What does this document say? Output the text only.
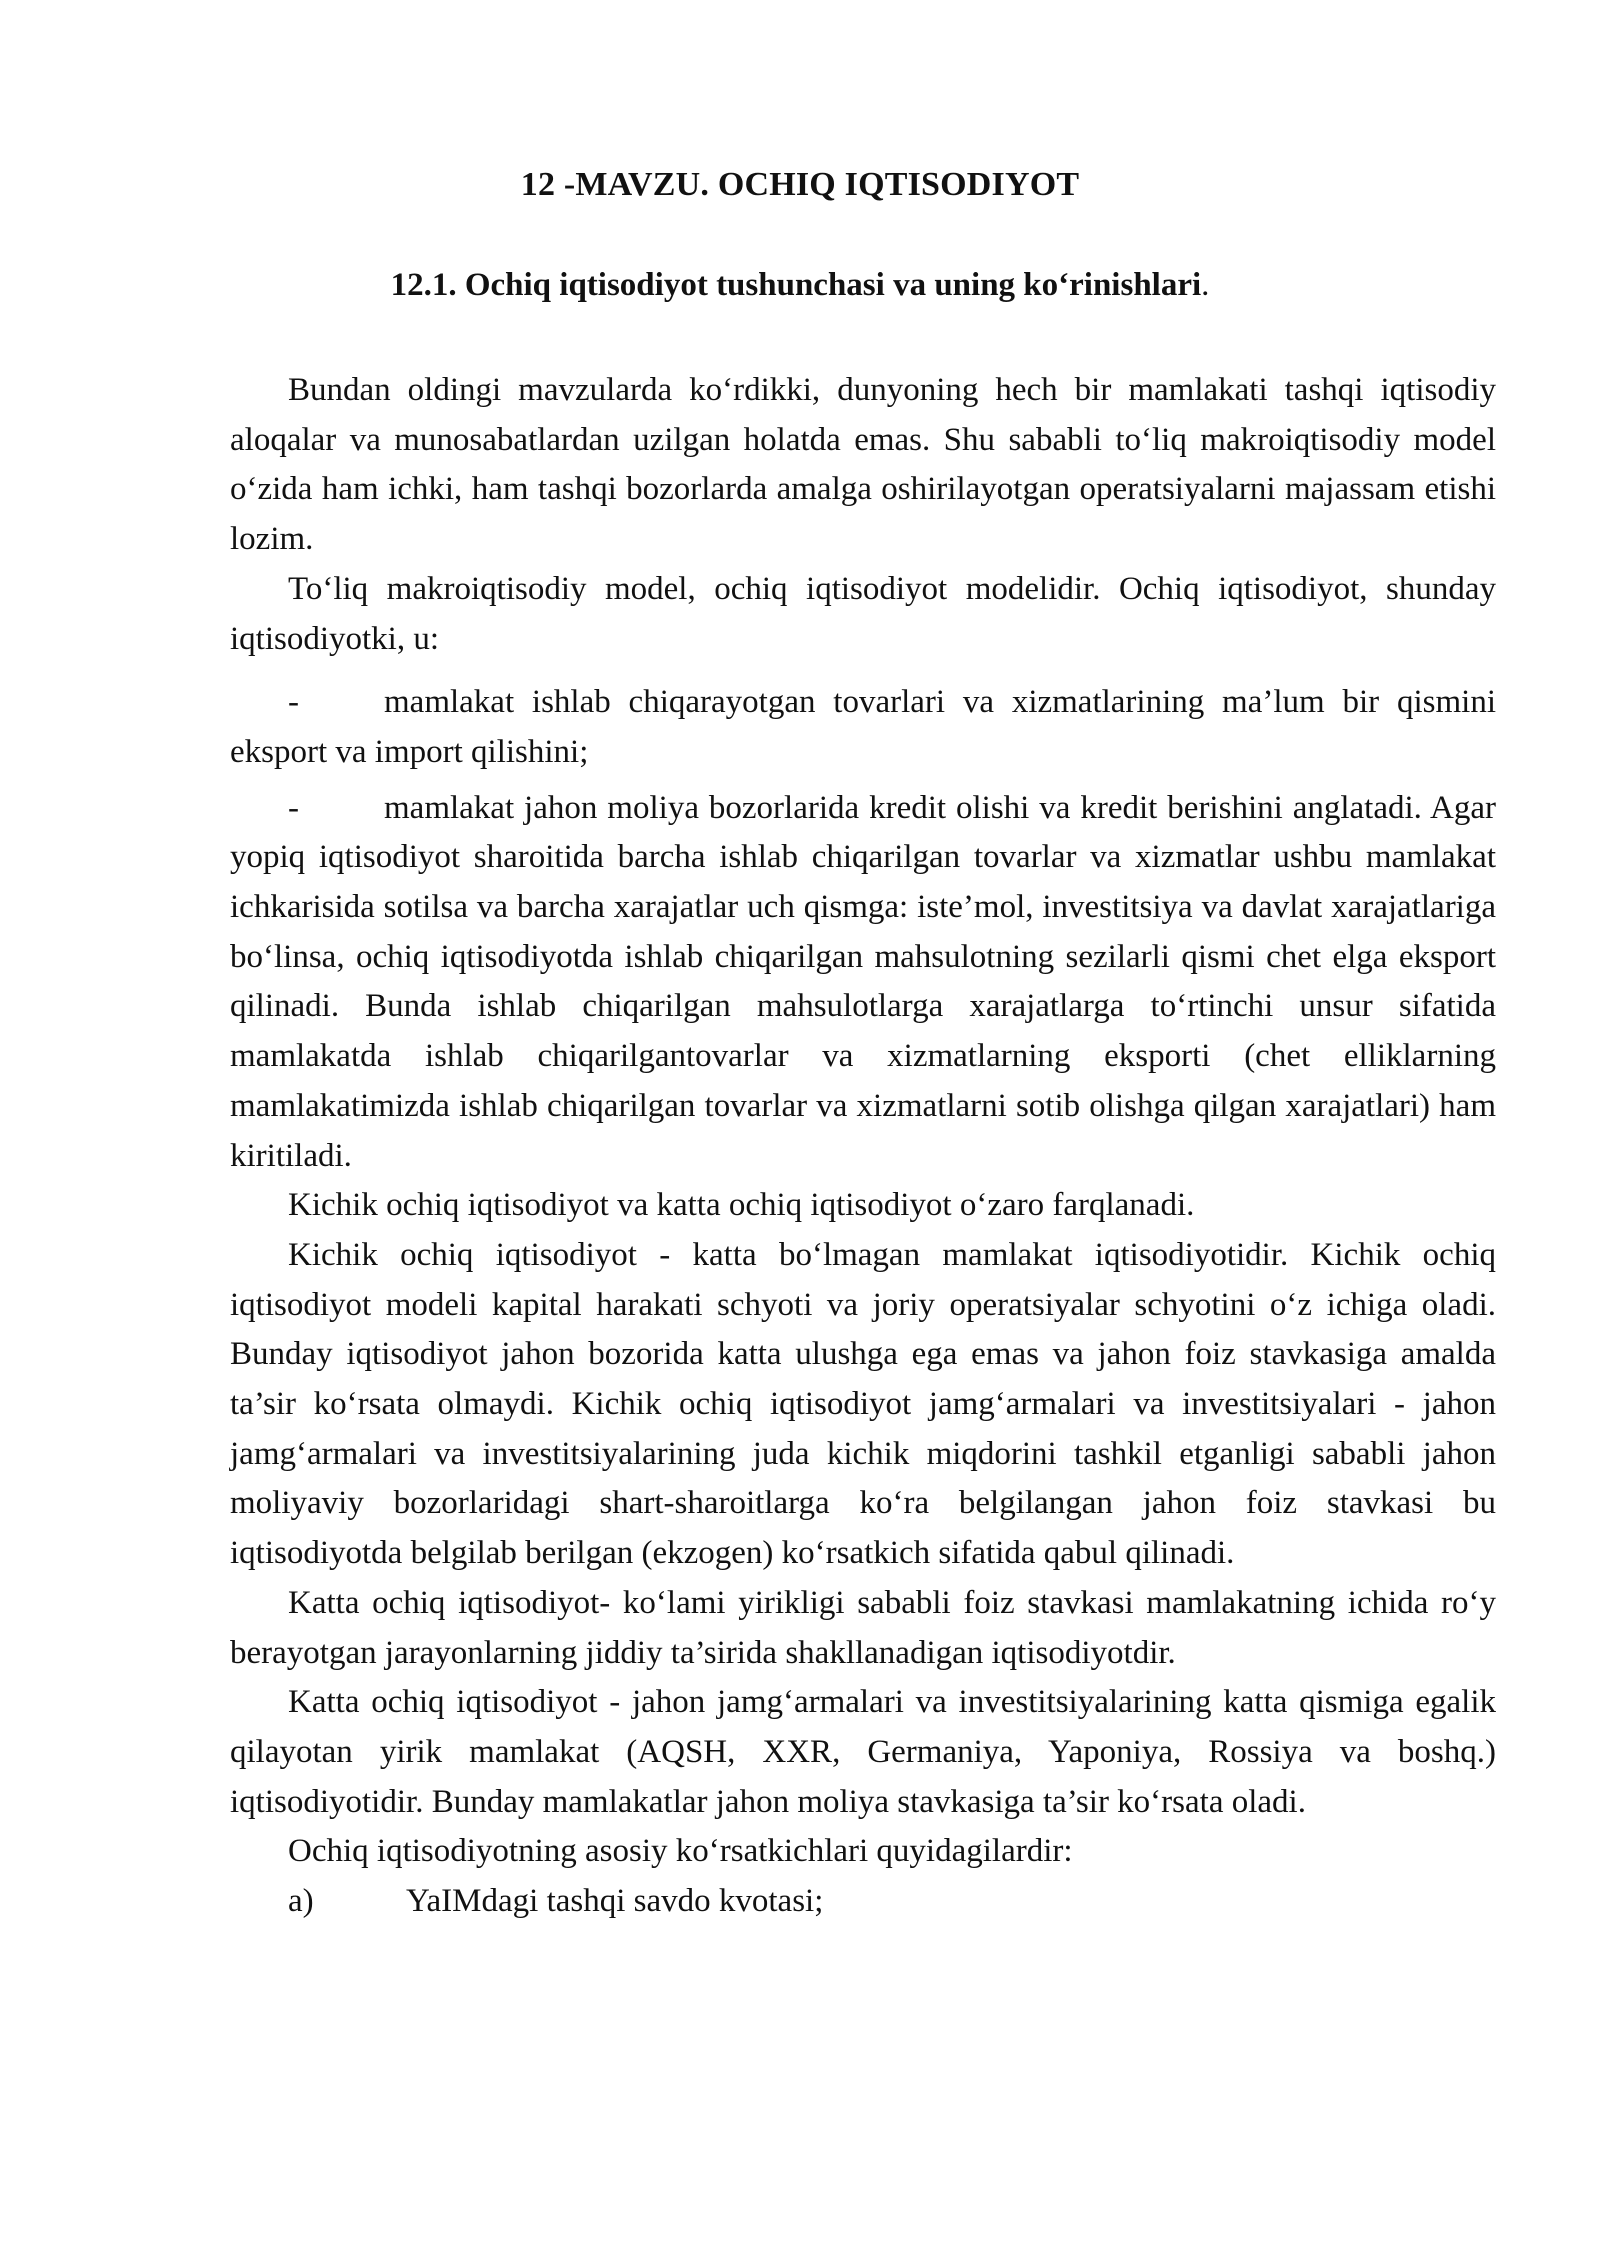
12 -MAVZU. OCHIQ IQTISODIYOT
12.1. Ochiq iqtisodiyot tushunchasi va uning ko‘rinishlari.

Bundan oldingi mavzularda ko‘rdikki, dunyoning hech bir mamlakati tashqi iqtisodiy aloqalar va munosabatlardan uzilgan holatda emas. Shu sababli to‘liq makroiqtisodiy model o‘zida ham ichki, ham tashqi bozorlarda amalga oshirilayotgan operatsiyalarni majassam etishi lozim.

To‘liq makroiqtisodiy model, ochiq iqtisodiyot modelidir. Ochiq iqtisodiyot, shunday iqtisodiyotki, u:

-	mamlakat ishlab chiqarayotgan tovarlari va xizmatlarining ma’lum bir qismini eksport va import qilishini;

-	mamlakat jahon moliya bozorlarida kredit olishi va kredit berishini anglatadi. Agar yopiq iqtisodiyot sharoitida barcha ishlab chiqarilgan tovarlar va xizmatlar ushbu mamlakat ichkarisida sotilsa va barcha xarajatlar uch qismga: iste’mol, investitsiya va davlat xarajatlariga bo‘linsa, ochiq iqtisodiyotda ishlab chiqarilgan mahsulotning sezilarli qismi chet elga eksport qilinadi. Bunda ishlab chiqarilgan mahsulotlarga xarajatlarga to‘rtinchi unsur sifatida mamlakatda ishlab chiqarilgantovarlar va xizmatlarning eksporti (chet elliklarning mamlakatimizda ishlab chiqarilgan tovarlar va xizmatlarni sotib olishga qilgan xarajatlari) ham kiritiladi.

Kichik ochiq iqtisodiyot va katta ochiq iqtisodiyot o‘zaro farqlanadi.

Kichik ochiq iqtisodiyot - katta bo‘lmagan mamlakat iqtisodiyotidir. Kichik ochiq iqtisodiyot modeli kapital harakati schyoti va joriy operatsiyalar schyotini o‘z ichiga oladi. Bunday iqtisodiyot jahon bozorida katta ulushga ega emas va jahon foiz stavkasiga amalda ta’sir ko‘rsata olmaydi. Kichik ochiq iqtisodiyot jamg‘armalari va investitsiyalari - jahon jamg‘armalari va investitsiyalarining juda kichik miqdorini tashkil etganligi sababli jahon moliyaviy bozorlaridagi shart-sharoitlarga ko‘ra belgilangan jahon foiz stavkasi bu iqtisodiyotda belgilab berilgan (ekzogen) ko‘rsatkich sifatida qabul qilinadi.

Katta ochiq iqtisodiyot- ko‘lami yirikligi sababli foiz stavkasi mamlakatning ichida ro‘y berayotgan jarayonlarning jiddiy ta’sirida shakllanadigan iqtisodiyotdir.

Katta ochiq iqtisodiyot - jahon jamg‘armalari va investitsiyalarining katta qismiga egalik qilayotan yirik mamlakat (AQSH, XXR, Germaniya, Yaponiya, Rossiya va boshq.) iqtisodiyotidir. Bunday mamlakatlar jahon moliya stavkasiga ta’sir ko‘rsata oladi.

Ochiq iqtisodiyotning asosiy ko‘rsatkichlari quyidagilardir:

a)	YaIMdagi tashqi savdo kvotasi;
